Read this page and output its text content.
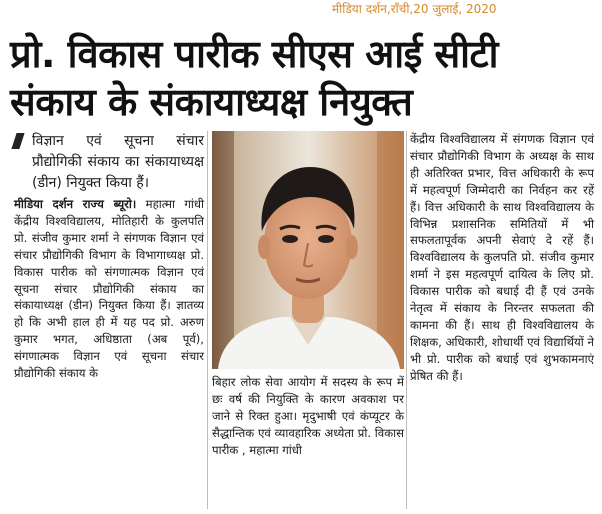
मीडिया दर्शन,राँची,20 जुलाई, 2020
प्रो. विकास पारीक सीएस आई सीटी
संकाय के संकायाध्यक्ष नियुक्त
विज्ञान एवं सूचना संचार प्रौद्योगिकी संकाय का संकायाध्यक्ष (डीन) नियुक्त किया हैं।

मीडिया दर्शन राज्य ब्यूरो। महात्मा गांधी केंद्रीय विश्वविद्यालय, मोतिहारी के कुलपति प्रो. संजीव कुमार शर्मा ने संगणक विज्ञान एवं संचार प्रौद्योगिकी विभाग के विभागाध्यक्ष प्रो. विकास पारीक को संगणात्मक विज्ञान एवं सूचना संचार प्रौद्योगिकी संकाय का संकायाध्यक्ष (डीन) नियुक्त किया हैं। ज्ञातव्य हो कि अभी हाल ही में यह पद प्रो. अरुण कुमार भगत, अधिष्ठाता (अब पूर्व), संगणात्मक विज्ञान एवं सूचना संचार प्रौद्योगिकी संकाय के

बिहार लोक सेवा आयोग में सदस्य के रूप में छः वर्ष की नियुक्ति के कारण अवकाश पर जाने से रिक्त हुआ। मृदुभाषी एवं कंप्यूटर के सैद्धान्तिक एवं व्यावहारिक अध्येता प्रो. विकास पारीक , महात्मा गांधी

केंद्रीय विश्वविद्यालय में संगणक विज्ञान एवं संचार प्रौद्योगिकी विभाग के अध्यक्ष के साथ ही अतिरिक्त प्रभार, वित्त अधिकारी के रूप में महत्वपूर्ण जिम्मेदारी का निर्वहन कर रहें हैं। वित्त अधिकारी के साथ विश्वविद्यालय के विभिन्न प्रशासनिक समितियों में भी सफलतापूर्वक अपनी सेवाएं दे रहें हैं। विश्वविद्यालय के कुलपति प्रो. संजीव कुमार शर्मा ने इस महत्वपूर्ण दायित्व के लिए प्रो. विकास पारीक को बधाई दी हैं एवं उनके नेतृत्व में संकाय के निरन्तर सफलता की कामना की हैं। साथ ही विश्वविद्यालय के शिक्षक, अधिकारी, शोधार्थी एवं विद्यार्थियों ने भी प्रो. पारीक को बधाई एवं शुभकामनाएं प्रेषित की हैं।
